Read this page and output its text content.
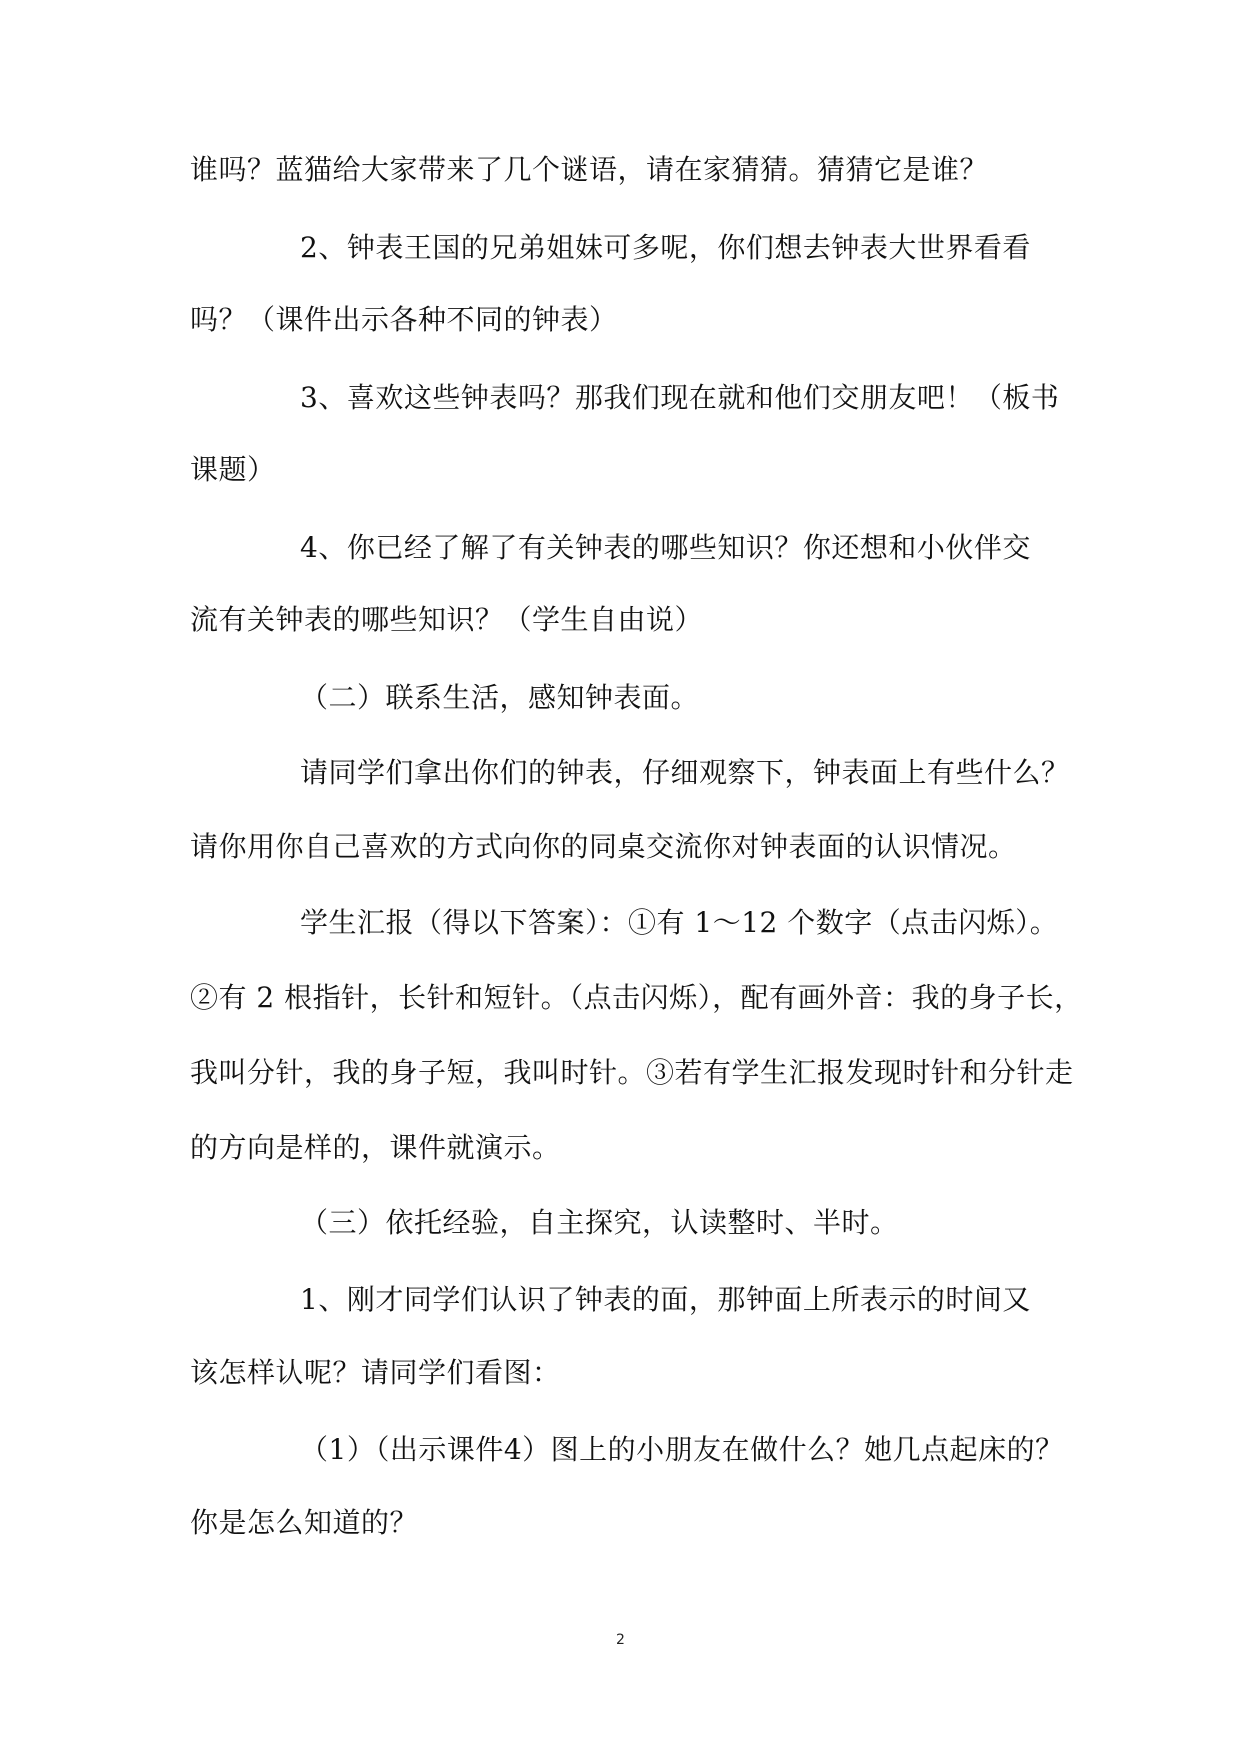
谁吗？蓝猫给大家带来了几个谜语，请在家猜猜。猜猜它是谁？
2、钟表王国的兄弟姐妹可多呢，你们想去钟表大世界看看
吗？（课件出示各种不同的钟表）
3、喜欢这些钟表吗？那我们现在就和他们交朋友吧！（板书
课题）
4、你已经了解了有关钟表的哪些知识？你还想和小伙伴交
流有关钟表的哪些知识？（学生自由说）
（二）联系生活，感知钟表面。
请同学们拿出你们的钟表，仔细观察下，钟表面上有些什么？
请你用你自己喜欢的方式向你的同桌交流你对钟表面的认识情况。
学生汇报（得以下答案）：①有 1～12 个数字（点击闪烁）。
②有 2 根指针，长针和短针。（点击闪烁），配有画外音：我的身子长，
我叫分针，我的身子短，我叫时针。③若有学生汇报发现时针和分针走
的方向是样的，课件就演示。
（三）依托经验，自主探究，认读整时、半时。
1、刚才同学们认识了钟表的面，那钟面上所表示的时间又
该怎样认呢？请同学们看图：
（1）（出示课件4）图上的小朋友在做什么？她几点起床的？
你是怎么知道的？
2
